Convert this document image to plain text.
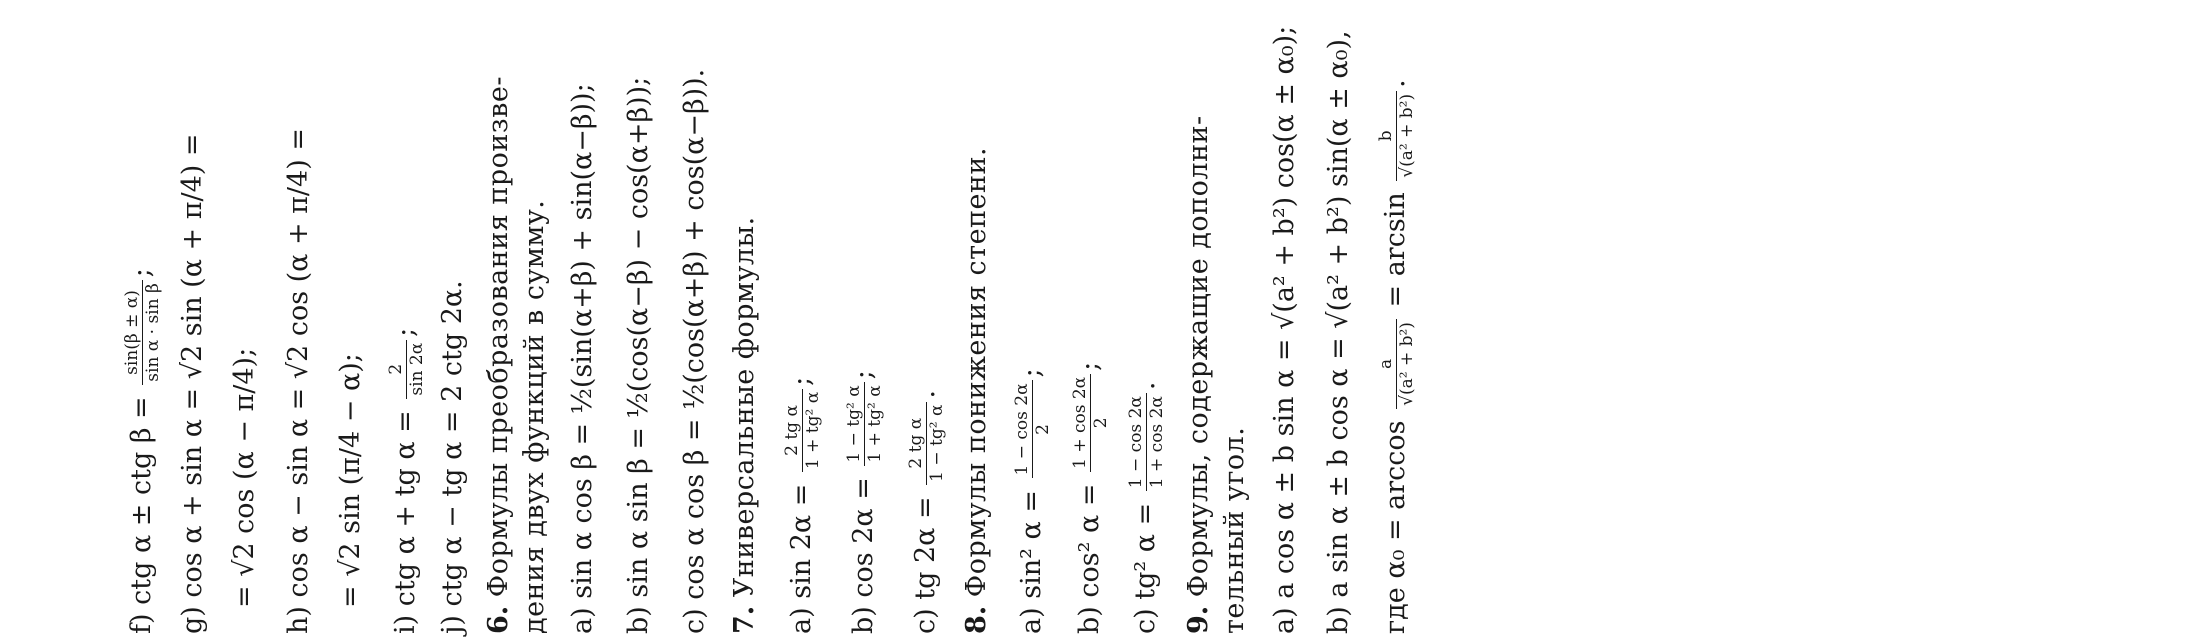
f) ctg α ± ctg β =
sin(β ± α) sin α · sin β
;
g) cos α + sin α = √2 sin (α + π/4) = = √2 cos (α − π/4);
h) cos α − sin α = √2 cos (α + π/4) = = √2 sin (π/4 − α);
i) ctg α + tg α =
2 sin 2α
;
j) ctg α − tg α = 2 ctg 2α.
6. Формулы преобразования произве- дения двух функций в сумму. a) sin α cos β = ½(sin(α+β) + sin(α−β));
b) sin α sin β = ½(cos(α−β) − cos(α+β));
c) cos α cos β = ½(cos(α+β) + cos(α−β)).
7. Универсальные формулы.
a) sin 2α =
2 tg α 1 + tg² α
;
b) cos 2α =
1 − tg² α 1 + tg² α
;
c) tg 2α =
2 tg α 1 − tg² α
.
8. Формулы понижения степени.
a) sin² α =
1 − cos 2α 2
;
b) cos² α =
1 + cos 2α 2
;
c) tg² α =
1 − cos 2α 1 + cos 2α
.
9. Формулы, содержащие дополни- тельный угол. a) a cos α ± b sin α = √(a² + b²) cos(α ± α₀);
b) a sin α ± b cos α = √(a² + b²) sin(α ± α₀), где α₀ = arccos
a √(a² + b²)
= arcsin
b √(a² + b²)
.
